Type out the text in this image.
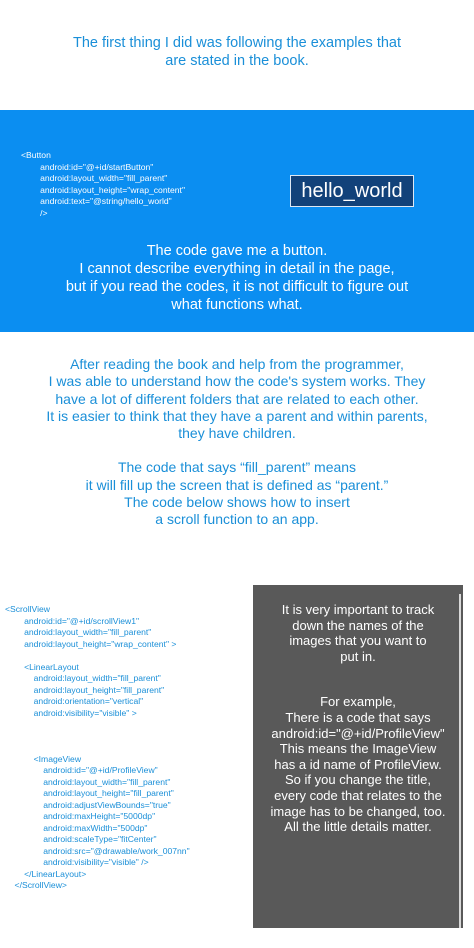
The first thing I did was following the examples that
are stated in the book.
<Button
android:id="@+id/startButton"
android:layout_width="fill_parent"
android:layout_height="wrap_content"
android:text="@string/hello_world"
/>
hello_world
The code gave me a button.
I cannot describe everything in detail in the page,
but if you read the codes, it is not difficult to figure out
what functions what.

After reading the book and help from the programmer,

I was able to understand how the code's system works. They

have a lot of different folders that are related to each other.

It is easier to think that they have a parent and within parents,

they have children.

The code that says “fill_parent” means

it will fill up the screen that is defined as “parent.”

The code below shows how to insert

a scroll function to an app.

<ScrollView
android:id="@+id/scrollView1"
android:layout_width="fill_parent"
android:layout_height="wrap_content" >

<LinearLayout
android:layout_width="fill_parent"
android:layout_height="fill_parent"
android:orientation="vertical"
android:visibility="visible" >

<ImageView
android:id="@+id/ProfileView"
android:layout_width="fill_parent"
android:layout_height="fill_parent"
android:adjustViewBounds="true"
android:maxHeight="5000dp"
android:maxWidth="500dp"
android:scaleType="fitCenter"
android:src="@drawable/work_007nn"
android:visibility="visible" />
</LinearLayout>
</ScrollView>
It is very important to track
down the names of the
images that you want to
put in.
For example,
There is a code that says
android:id="@+id/ProfileView"
This means the ImageView
has a id name of ProfileView.
So if you change the title,
every code that relates to the
image has to be changed, too.
All the little details matter.
